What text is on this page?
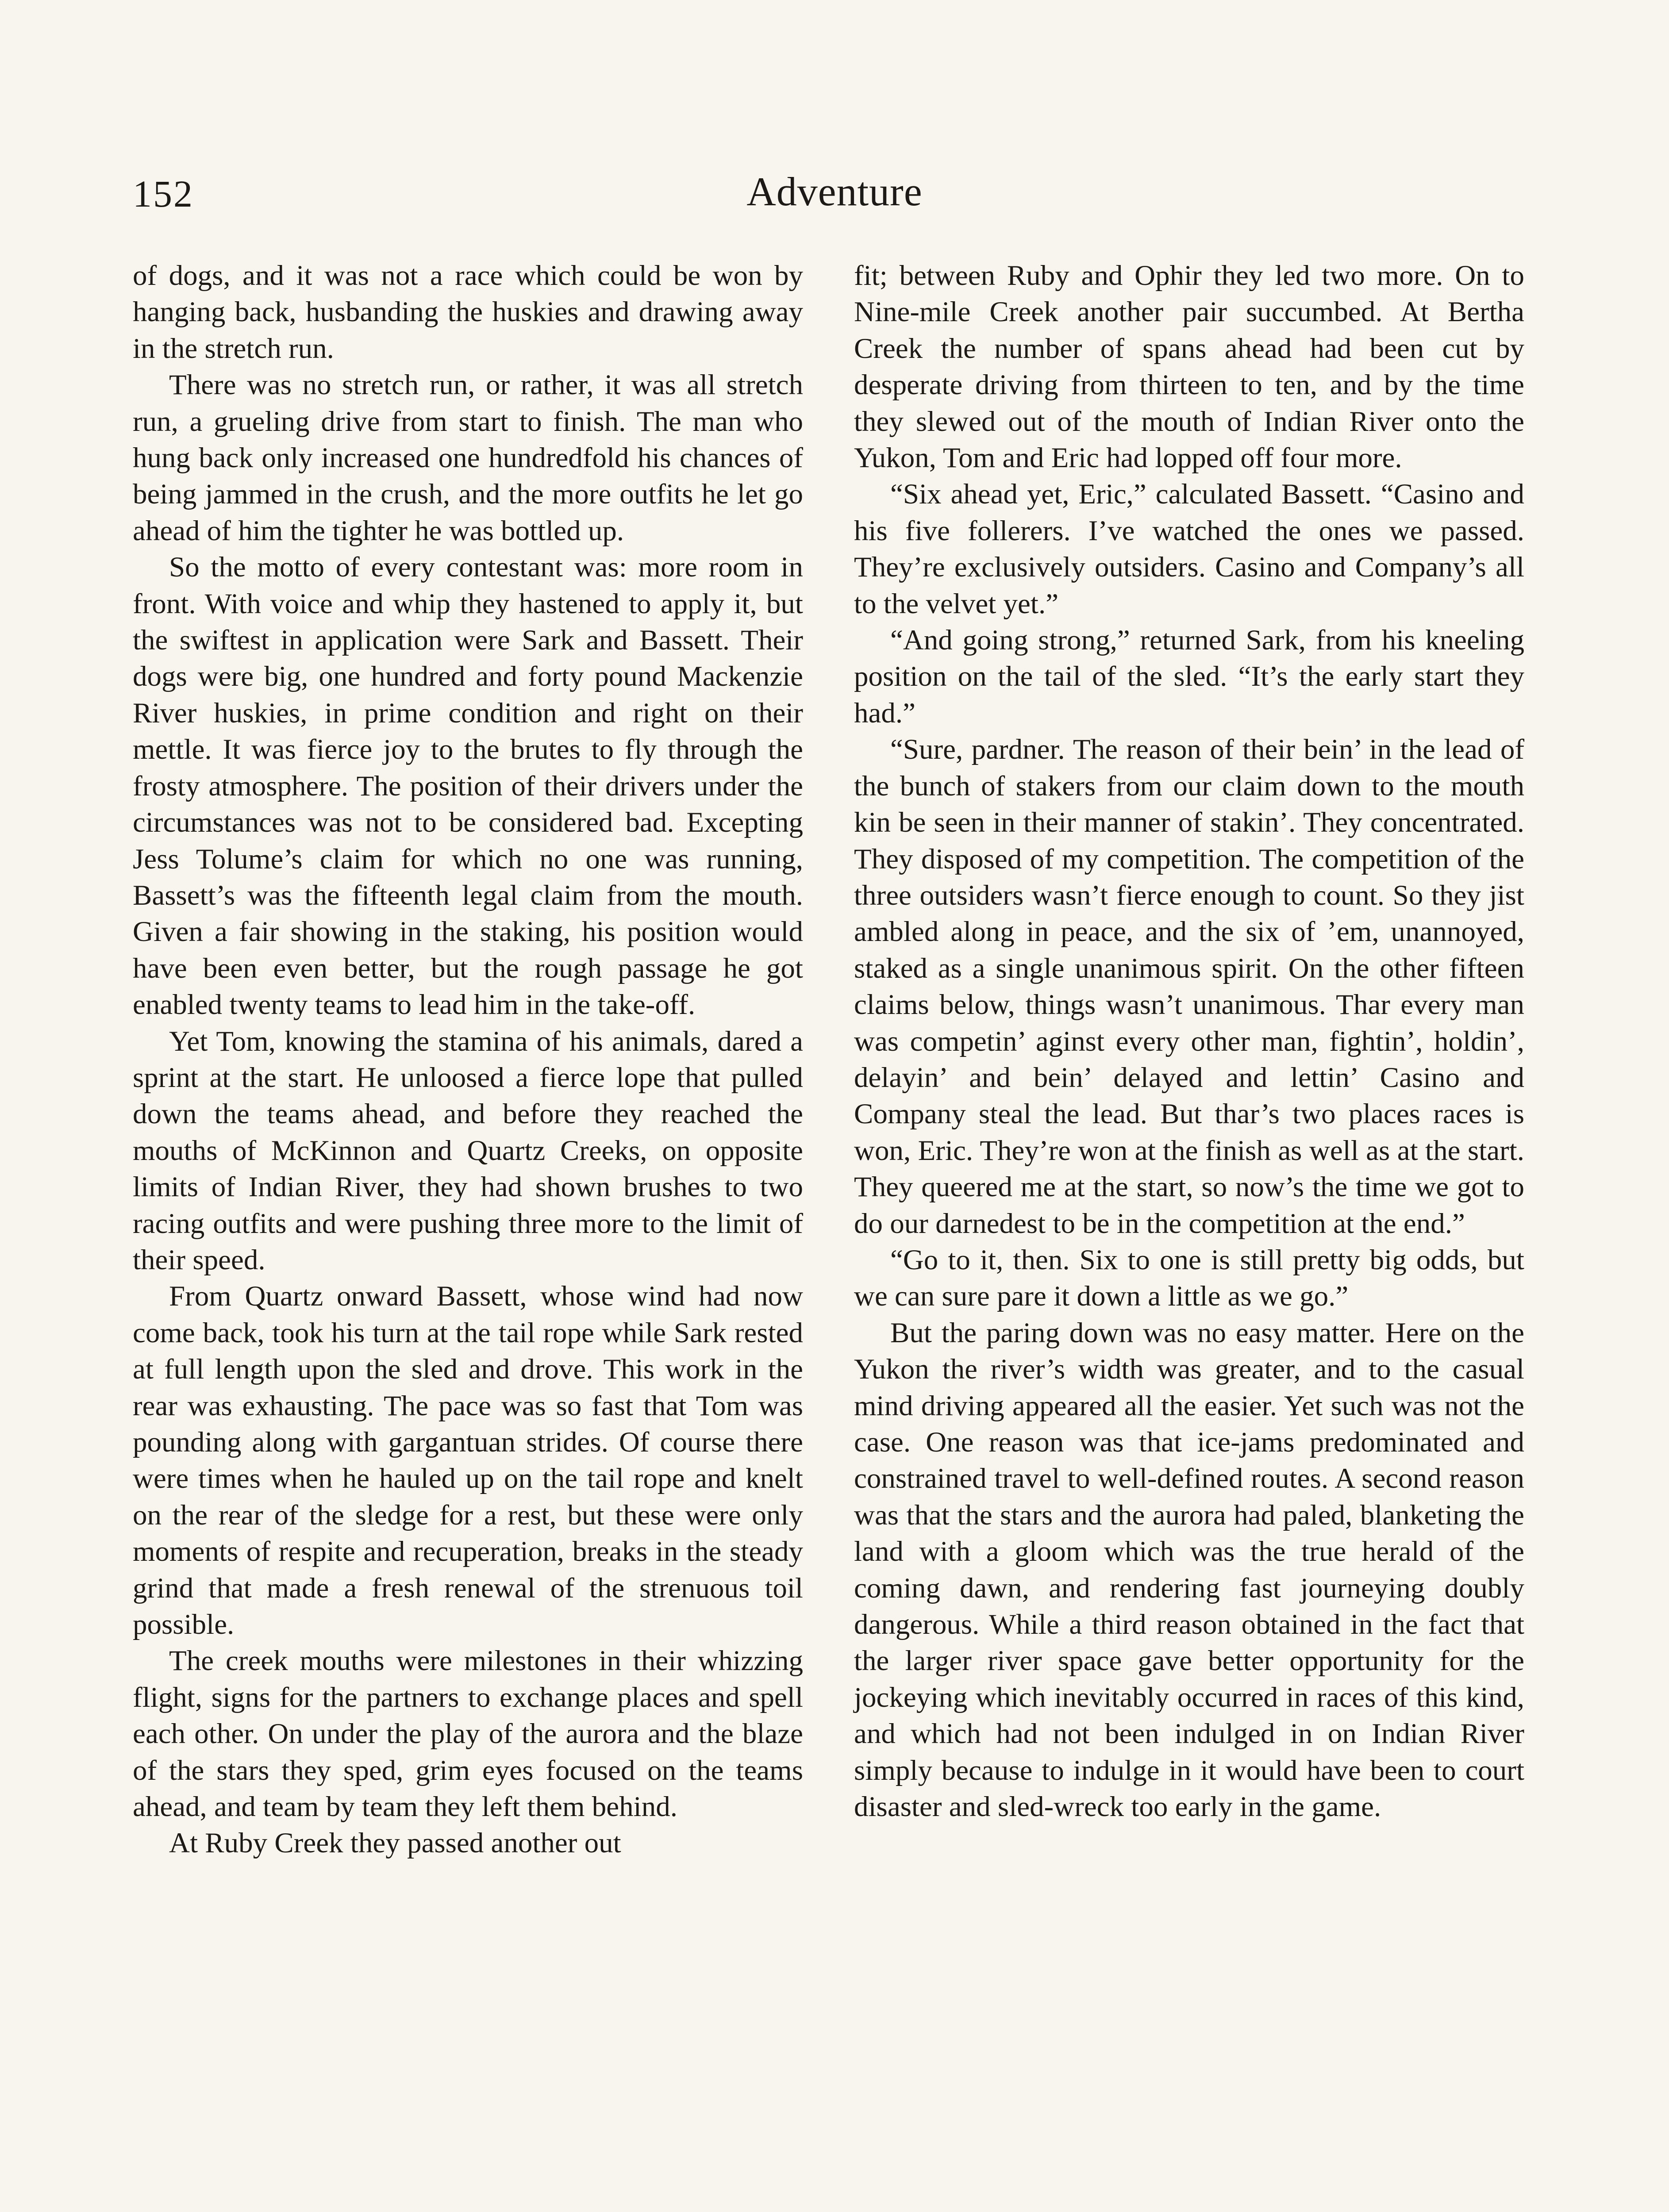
152	Adventure

of dogs, and it was not a race which could be won by hanging back, husbanding the huskies and drawing away in the stretch run.

There was no stretch run, or rather, it was all stretch run, a grueling drive from start to finish. The man who hung back only increased one hundredfold his chances of being jammed in the crush, and the more outfits he let go ahead of him the tighter he was bottled up.

So the motto of every contestant was: more room in front. With voice and whip they hastened to apply it, but the swiftest in application were Sark and Bassett. Their dogs were big, one hundred and forty pound Mackenzie River huskies, in prime condition and right on their mettle. It was fierce joy to the brutes to fly through the frosty atmosphere. The position of their drivers under the circumstances was not to be considered bad. Excepting Jess Tolume’s claim for which no one was running, Bassett’s was the fifteenth legal claim from the mouth. Given a fair showing in the staking, his position would have been even better, but the rough passage he got enabled twenty teams to lead him in the take-off.

Yet Tom, knowing the stamina of his animals, dared a sprint at the start. He unloosed a fierce lope that pulled down the teams ahead, and before they reached the mouths of McKinnon and Quartz Creeks, on opposite limits of Indian River, they had shown brushes to two racing outfits and were pushing three more to the limit of their speed.

From Quartz onward Bassett, whose wind had now come back, took his turn at the tail rope while Sark rested at full length upon the sled and drove. This work in the rear was exhausting. The pace was so fast that Tom was pounding along with gargantuan strides. Of course there were times when he hauled up on the tail rope and knelt on the rear of the sledge for a rest, but these were only moments of respite and recuperation, breaks in the steady grind that made a fresh renewal of the strenuous toil possible.

The creek mouths were milestones in their whizzing flight, signs for the partners to exchange places and spell each other. On under the play of the aurora and the blaze of the stars they sped, grim eyes focused on the teams ahead, and team by team they left them behind.

At Ruby Creek they passed another out

fit; between Ruby and Ophir they led two more. On to Nine-mile Creek another pair succumbed. At Bertha Creek the number of spans ahead had been cut by desperate driving from thirteen to ten, and by the time they slewed out of the mouth of Indian River onto the Yukon, Tom and Eric had lopped off four more.

“Six ahead yet, Eric,” calculated Bassett. “Casino and his five follerers. I’ve watched the ones we passed. They’re exclusively outsiders. Casino and Company’s all to the velvet yet.”

“And going strong,” returned Sark, from his kneeling position on the tail of the sled. “It’s the early start they had.”

“Sure, pardner. The reason of their bein’ in the lead of the bunch of stakers from our claim down to the mouth kin be seen in their manner of stakin’. They concentrated. They disposed of my competition. The competition of the three outsiders wasn’t fierce enough to count. So they jist ambled along in peace, and the six of ’em, unannoyed, staked as a single unanimous spirit. On the other fifteen claims below, things wasn’t unanimous. Thar every man was competin’ aginst every other man, fightin’, holdin’, delayin’ and bein’ delayed and lettin’ Casino and Company steal the lead. But thar’s two places races is won, Eric. They’re won at the finish as well as at the start. They queered me at the start, so now’s the time we got to do our darnedest to be in the competition at the end.”

“Go to it, then. Six to one is still pretty big odds, but we can sure pare it down a little as we go.”

But the paring down was no easy matter. Here on the Yukon the river’s width was greater, and to the casual mind driving appeared all the easier. Yet such was not the case. One reason was that ice-jams predominated and constrained travel to well-defined routes. A second reason was that the stars and the aurora had paled, blanketing the land with a gloom which was the true herald of the coming dawn, and rendering fast journeying doubly dangerous. While a third reason obtained in the fact that the larger river space gave better opportunity for the jockeying which inevitably occurred in races of this kind, and which had not been indulged in on Indian River simply because to indulge in it would have been to court disaster and sled-wreck too early in the game.
